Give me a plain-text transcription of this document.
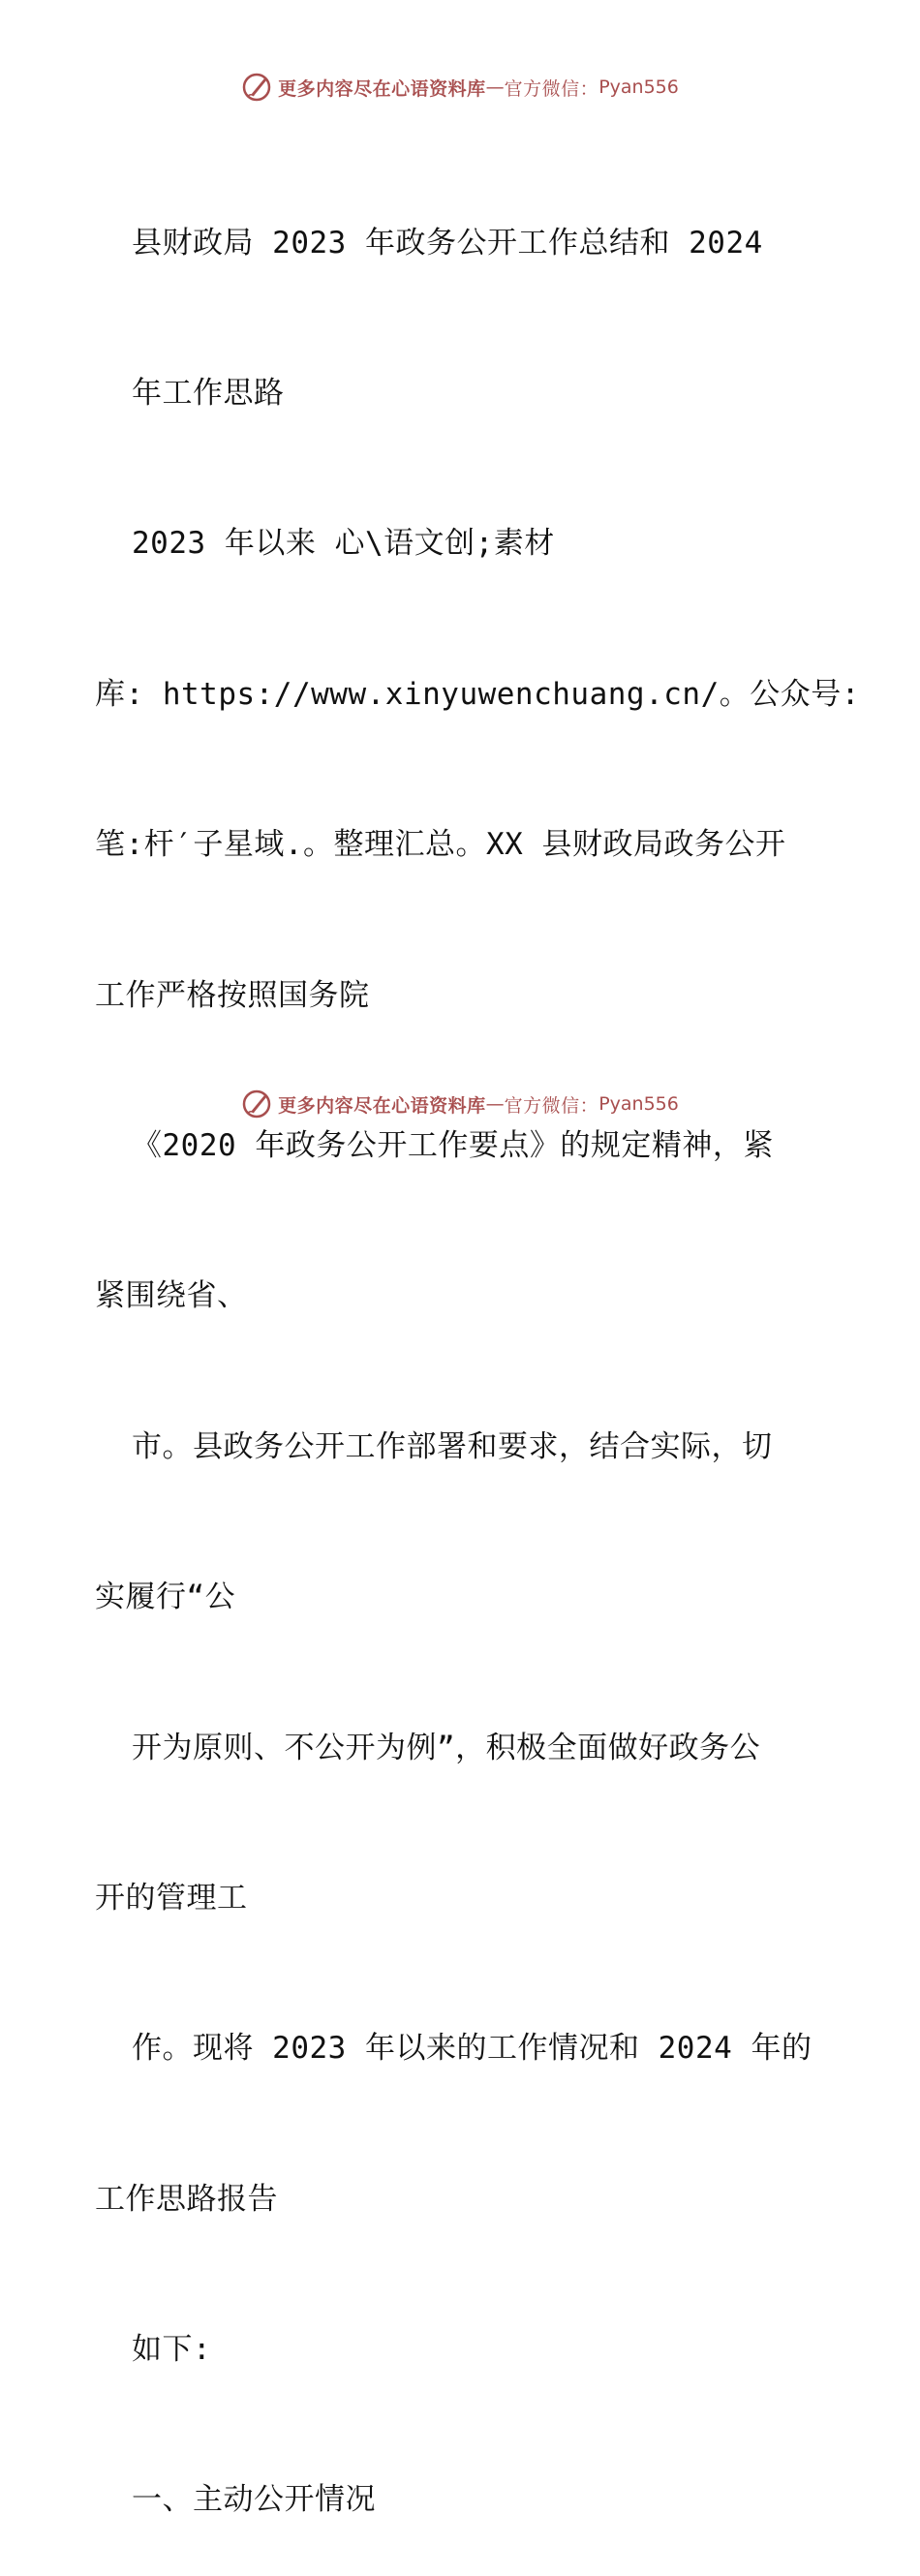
更多内容尽在心语资料库 — 官方微信： Pyan556

县财政局 2023 年政务公开工作总结和 2024

年工作思路

2023 年以来 心\语文创;素材

库: https://www.xinyuwenchuang.cn/。公众号:

笔:杆′子星域.。整理汇总。XX 县财政局政务公开

工作严格按照国务院

《2020 年政务公开工作要点》的规定精神，紧

紧围绕省、

市。县政务公开工作部署和要求，结合实际，切

实履行“公

开为原则、不公开为例”，积极全面做好政务公

开的管理工

作。现将 2023 年以来的工作情况和 2024 年的

工作思路报告

如下:

一、主动公开情况

更多内容尽在心语资料库 — 官方微信： Pyan556
